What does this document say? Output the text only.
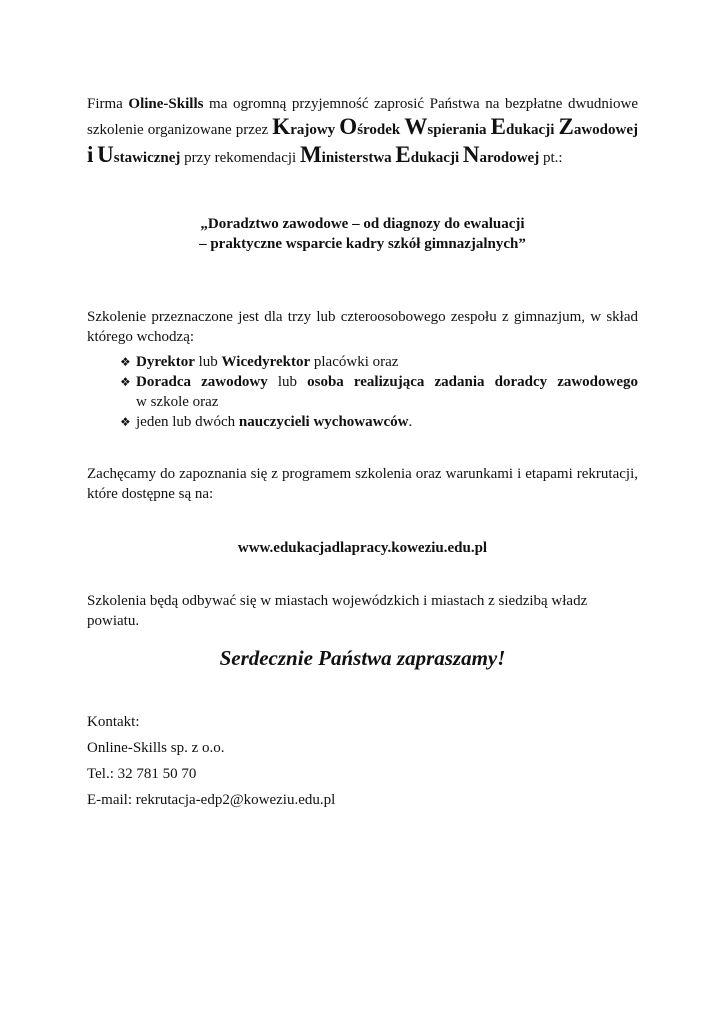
Firma Oline-Skills ma ogromną przyjemność zaprosić Państwa na bezpłatne dwudniowe
szkolenie organizowane przez Krajowy Ośrodek Wspierania Edukacji Zawodowej
i Ustawicznej przy rekomendacji Ministerstwa Edukacji Narodowej pt.:
„Doradztwo zawodowe – od diagnozy do ewaluacji
– praktyczne wsparcie kadry szkół gimnazjalnych”
Szkolenie przeznaczone jest dla trzy lub czteroosobowego zespołu z gimnazjum, w skład którego wchodzą:
❖ Dyrektor lub Wicedyrektor placówki oraz
❖ Doradca zawodowy lub osoba realizująca zadania doradcy zawodowego
w szkole oraz
❖ jeden lub dwóch nauczycieli wychowawców.
Zachęcamy do zapoznania się z programem szkolenia oraz warunkami i etapami rekrutacji, które dostępne są na:
www.edukacjadlapracy.koweziu.edu.pl
Szkolenia będą odbywać się w miastach wojewódzkich i miastach z siedzibą władz powiatu.
Serdecznie Państwa zapraszamy!
Kontakt:
Online-Skills sp. z o.o.
Tel.: 32 781 50 70
E-mail: rekrutacja-edp2@koweziu.edu.pl
